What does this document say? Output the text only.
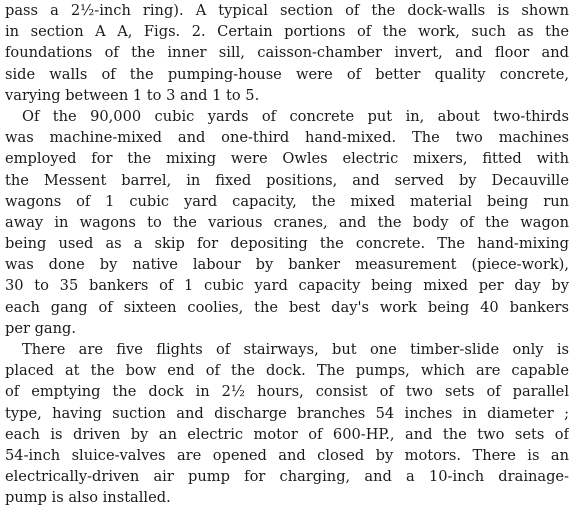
pass a 2½-inch ring). A typical section of the dock-walls is shown
in section A A, Figs. 2. Certain portions of the work, such as the
foundations of the inner sill, caisson-chamber invert, and floor and
side walls of the pumping-house were of better quality concrete,
varying between 1 to 3 and 1 to 5.
Of the 90,000 cubic yards of concrete put in, about two-thirds
was machine-mixed and one-third hand-mixed. The two machines
employed for the mixing were Owles electric mixers, fitted with
the Messent barrel, in fixed positions, and served by Decauville
wagons of 1 cubic yard capacity, the mixed material being run
away in wagons to the various cranes, and the body of the wagon
being used as a skip for depositing the concrete. The hand-mixing
was done by native labour by banker measurement (piece-work),
30 to 35 bankers of 1 cubic yard capacity being mixed per day by
each gang of sixteen coolies, the best day's work being 40 bankers
per gang.
There are five flights of stairways, but one timber-slide only is
placed at the bow end of the dock. The pumps, which are capable
of emptying the dock in 2½ hours, consist of two sets of parallel
type, having suction and discharge branches 54 inches in diameter ;
each is driven by an electric motor of 600-HP., and the two sets of
54-inch sluice-valves are opened and closed by motors. There is an
electrically-driven air pump for charging, and a 10-inch drainage-
pump is also installed.
